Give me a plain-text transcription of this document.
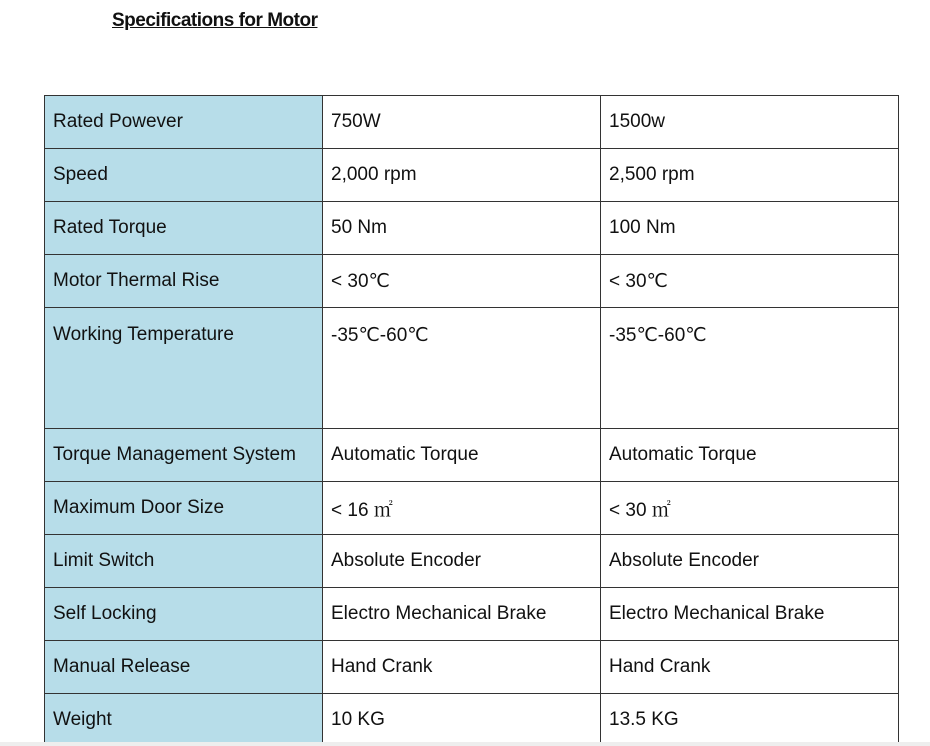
Specifications for Motor
Rated Powever	750W	1500w
Speed	2,000 rpm	2,500 rpm
Rated Torque	50 Nm	100 Nm
Motor Thermal Rise	< 30℃	< 30℃
Working Temperature	-35℃-60℃	-35℃-60℃
Torque Management System	Automatic Torque	Automatic Torque
Maximum Door Size	< 16 ㎡	< 30 ㎡
Limit Switch	Absolute Encoder	Absolute Encoder
Self Locking	Electro Mechanical Brake	Electro Mechanical Brake
Manual Release	Hand Crank	Hand Crank
Weight	10 KG	13.5 KG
